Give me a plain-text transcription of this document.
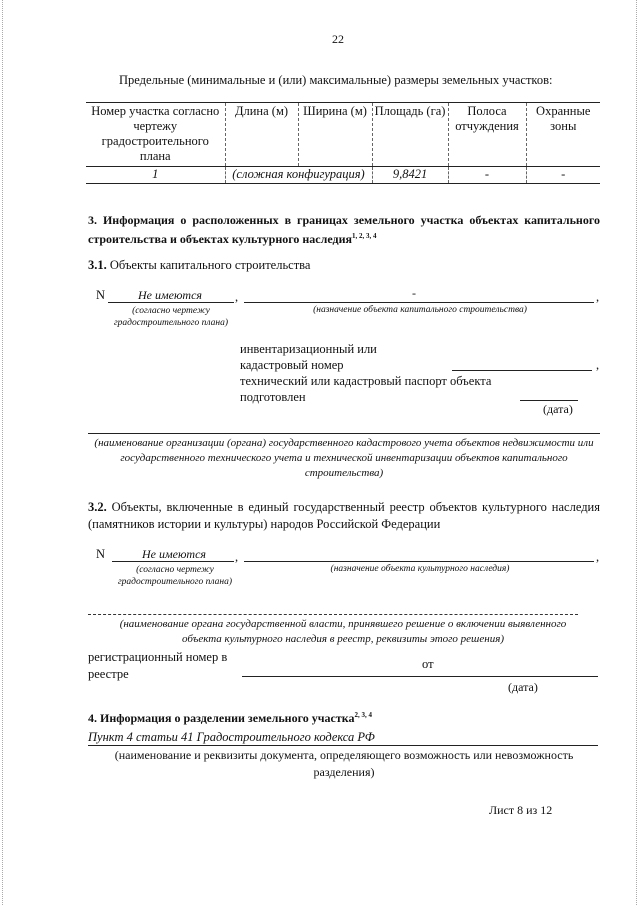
22
Предельные (минимальные и (или) максимальные) размеры земельных участков:
Номер участка согласно чертежу градостроительного плана	Длина (м)	Ширина (м)	Площадь (га)	Полоса отчуждения	Охранные зоны
1	(сложная конфигурация)		9,8421	-	-
3. Информация о расположенных в границах земельного участка объектах капитального строительства и объектах культурного наследия$^{1, 2, 3, 4}$
3.1. Объекты капитального строительства
N	Не имеются	,	-	,
(согласно чертежу градостроительного плана)
(назначение объекта капитального строительства)
инвентаризационный или кадастровый номер	,
технический или кадастровый паспорт объекта подготовлен
(дата)
(наименование организации (органа) государственного кадастрового учета объектов недвижимости или государственного технического учета и технической инвентаризации объектов капитального строительства)
3.2. Объекты, включенные в единый государственный реестр объектов культурного наследия (памятников истории и культуры) народов Российской Федерации
N	Не имеются	,	,
(согласно чертежу градостроительного плана)
(назначение объекта культурного наследия)
(наименование органа государственной власти, принявшего решение о включении выявленного объекта культурного наследия в реестр, реквизиты этого решения)
регистрационный номер в реестре
от
(дата)
4. Информация о разделении земельного участка$^{2, 3, 4}$
Пункт 4 статьи 41 Градостроительного кодекса РФ
(наименование и реквизиты документа, определяющего возможность или невозможность разделения)
Лист 8 из 12
